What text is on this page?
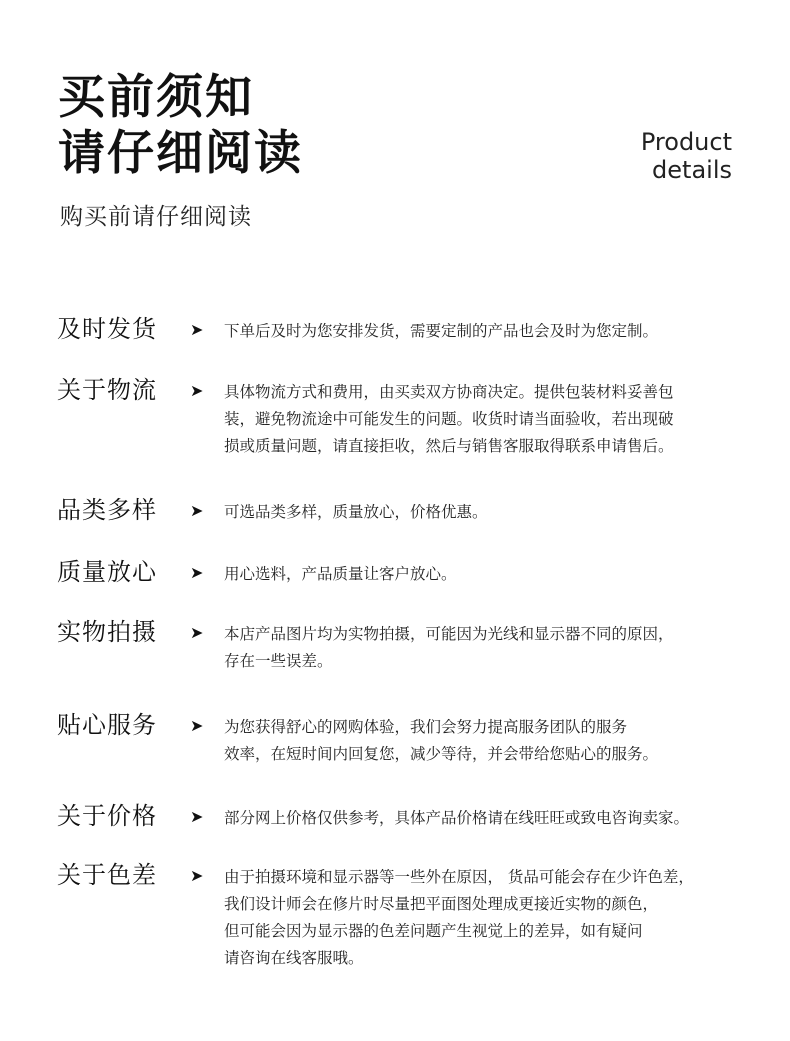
买前须知
请仔细阅读	Product
details
购买前请仔细阅读
及时发货 ➤ 下单后及时为您安排发货，需要定制的产品也会及时为您定制。
关于物流 ➤ 具体物流方式和费用，由买卖双方协商决定。提供包装材料妥善包
装，避免物流途中可能发生的问题。收货时请当面验收，若出现破
损或质量问题，请直接拒收，然后与销售客服取得联系申请售后。
品类多样 ➤ 可选品类多样，质量放心，价格优惠。
质量放心 ➤ 用心选料，产品质量让客户放心。
实物拍摄 ➤ 本店产品图片均为实物拍摄，可能因为光线和显示器不同的原因，
存在一些误差。
贴心服务 ➤ 为您获得舒心的网购体验，我们会努力提高服务团队的服务
效率，在短时间内回复您，减少等待，并会带给您贴心的服务。
关于价格 ➤ 部分网上价格仅供参考，具体产品价格请在线旺旺或致电咨询卖家。
关于色差 ➤ 由于拍摄环境和显示器等一些外在原因， 货品可能会存在少许色差，
我们设计师会在修片时尽量把平面图处理成更接近实物的颜色，
但可能会因为显示器的色差问题产生视觉上的差异，如有疑问
请咨询在线客服哦。
